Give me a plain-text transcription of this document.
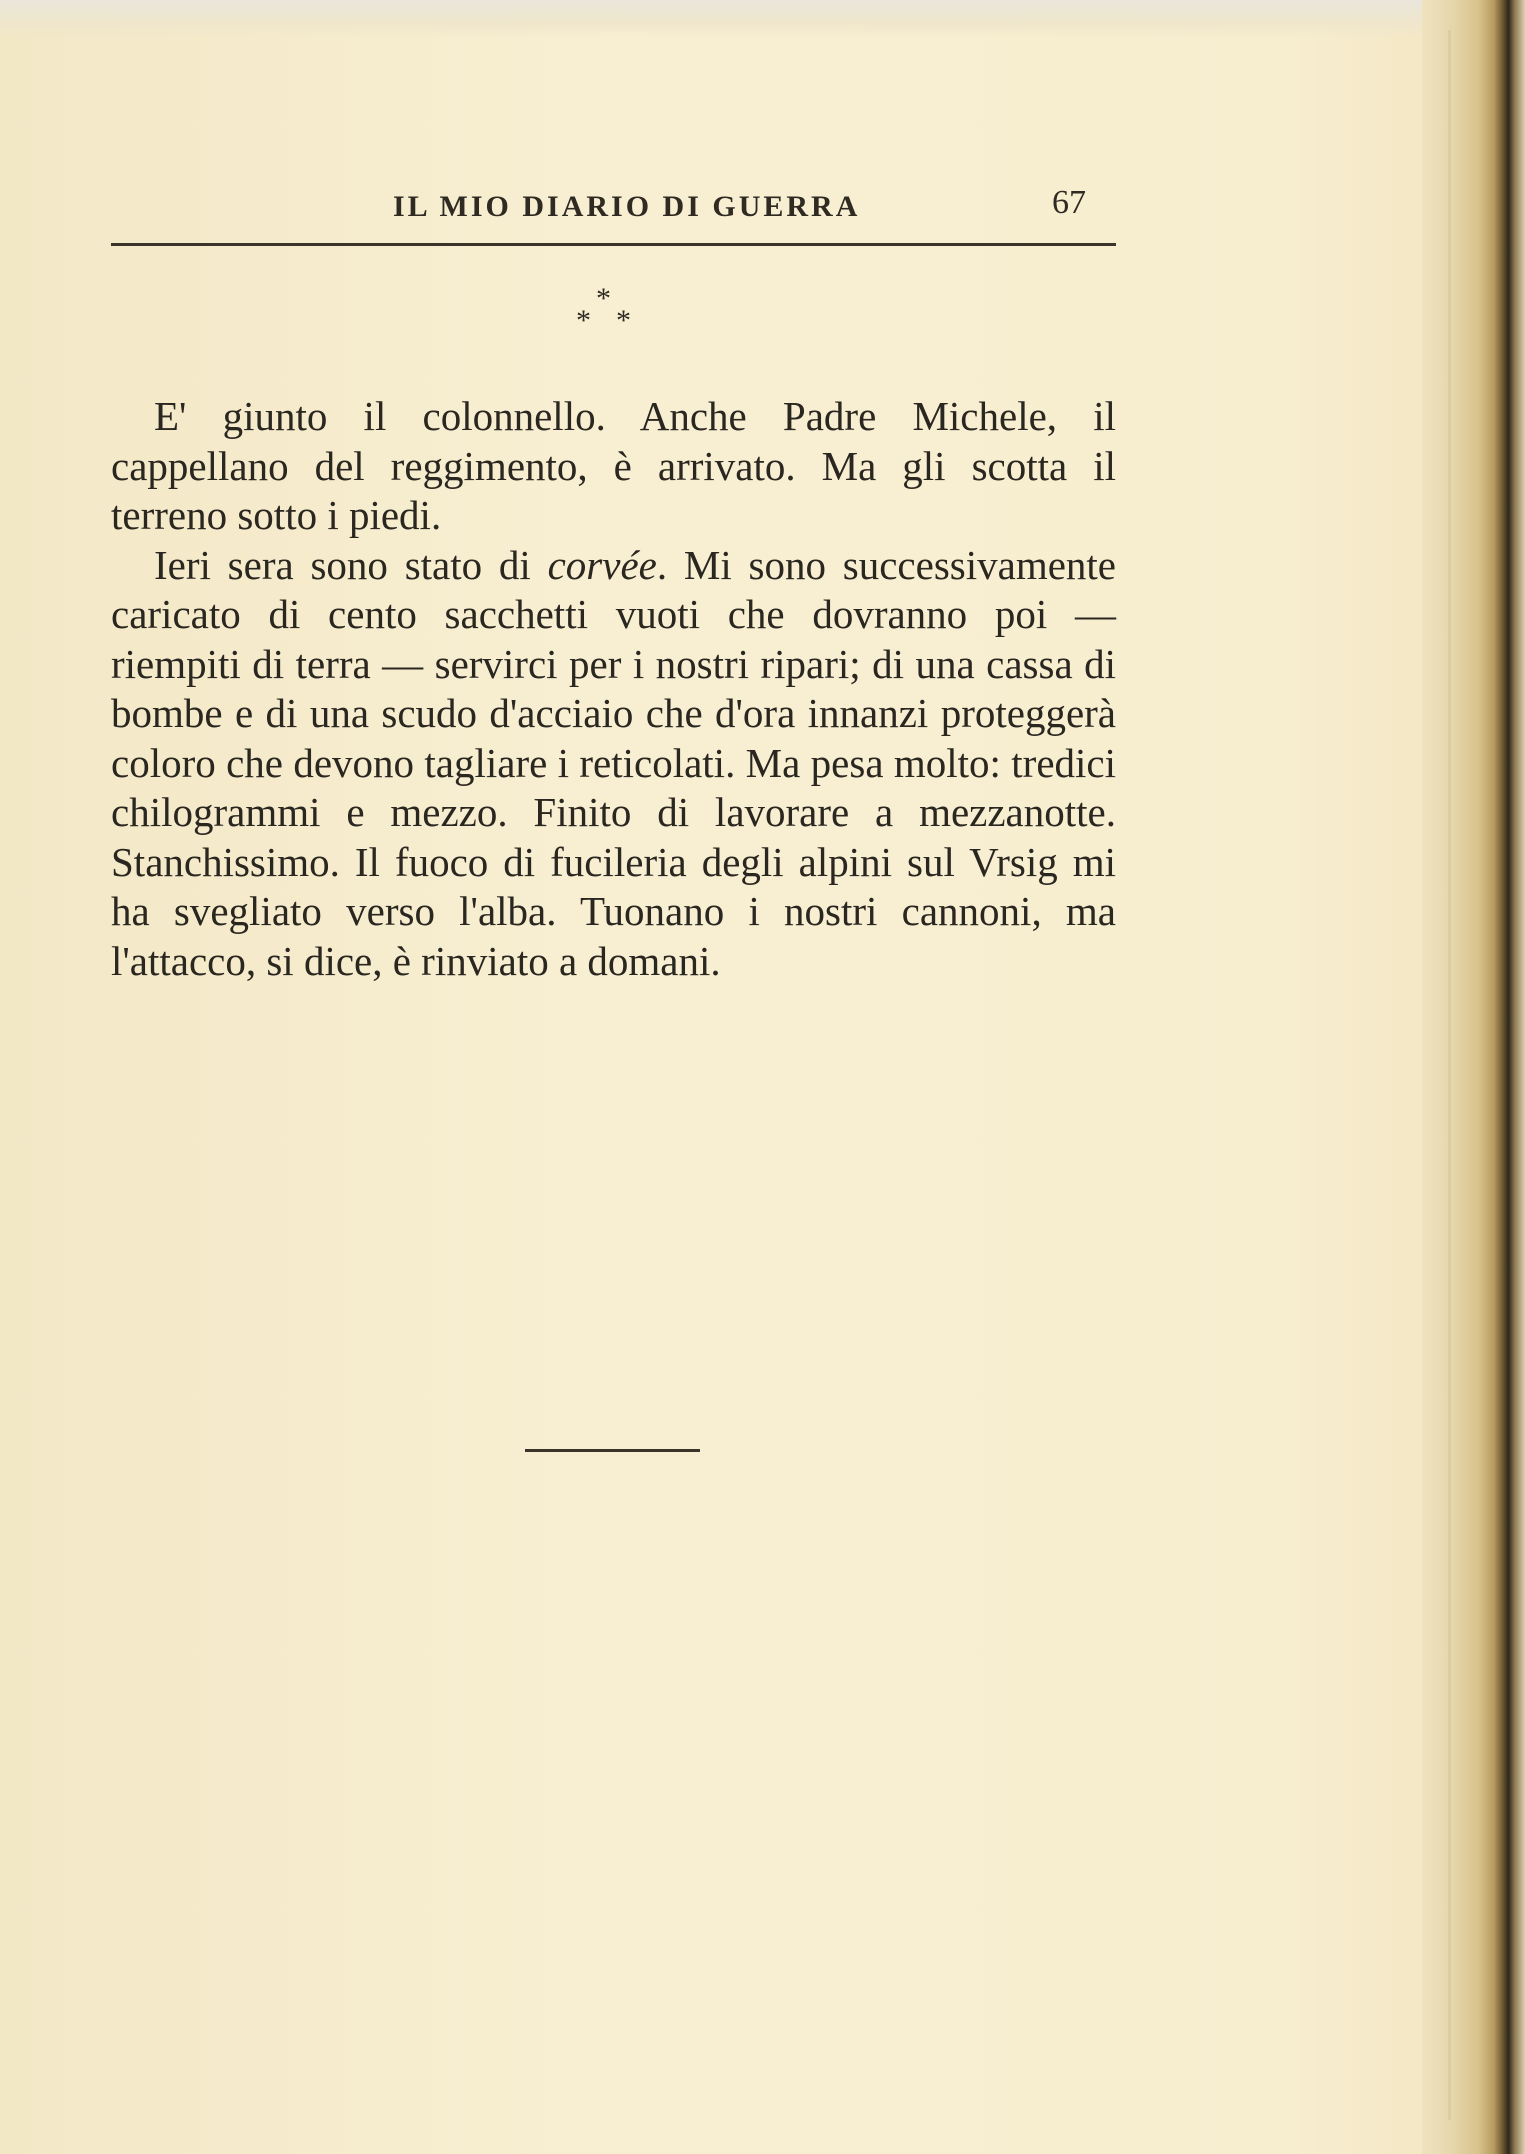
IL MIO DIARIO DI GUERRA	67
*
* *

E' giunto il colonnello. Anche Padre Michele, il cappellano del reggimento, è arrivato. Ma gli scotta il terreno sotto i piedi.

Ieri sera sono stato di corvée. Mi sono successivamente caricato di cento sacchetti vuoti che dovranno poi — riempiti di terra — servirci per i nostri ripari; di una cassa di bombe e di una scudo d'acciaio che d'ora innanzi proteggerà coloro che devono tagliare i reticolati. Ma pesa molto: tredici chilogrammi e mezzo. Finito di lavorare a mezzanotte. Stanchissimo. Il fuoco di fucileria degli alpini sul Vrsig mi ha svegliato verso l'alba. Tuonano i nostri cannoni, ma l'attacco, si dice, è rinviato a domani.
